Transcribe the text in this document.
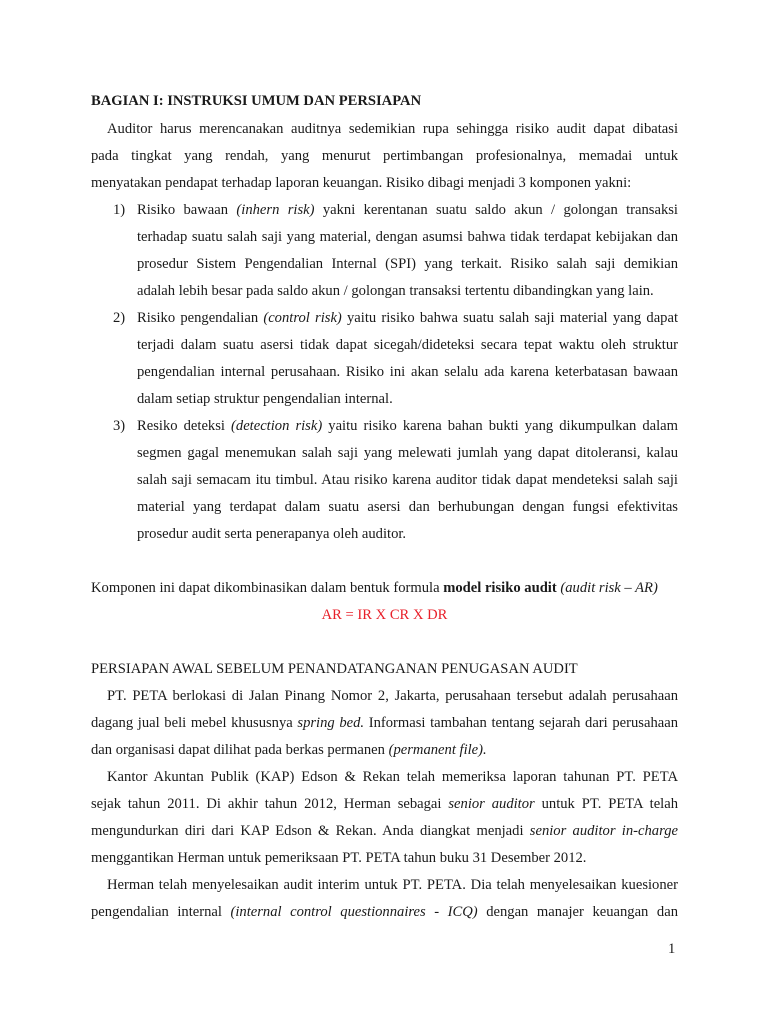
BAGIAN I: INSTRUKSI UMUM DAN PERSIAPAN
Auditor harus merencanakan auditnya sedemikian rupa sehingga risiko audit dapat dibatasi
pada tingkat yang rendah, yang menurut pertimbangan profesionalnya, memadai untuk
menyatakan pendapat terhadap laporan keuangan. Risiko dibagi menjadi 3 komponen yakni:
1) Risiko bawaan (inhern risk) yakni kerentanan suatu saldo akun / golongan transaksi
terhadap suatu salah saji yang material, dengan asumsi bahwa tidak terdapat kebijakan dan
prosedur Sistem Pengendalian Internal (SPI) yang terkait. Risiko salah saji demikian
adalah lebih besar pada saldo akun / golongan transaksi tertentu dibandingkan yang lain.
2) Risiko pengendalian (control risk) yaitu risiko bahwa suatu salah saji material yang dapat
terjadi dalam suatu asersi tidak dapat sicegah/dideteksi secara tepat waktu oleh struktur
pengendalian internal perusahaan. Risiko ini akan selalu ada karena keterbatasan bawaan
dalam setiap struktur pengendalian internal.
3) Resiko deteksi (detection risk) yaitu risiko karena bahan bukti yang dikumpulkan dalam
segmen gagal menemukan salah saji yang melewati jumlah yang dapat ditoleransi, kalau
salah saji semacam itu timbul. Atau risiko karena auditor tidak dapat mendeteksi salah saji
material yang terdapat dalam suatu asersi dan berhubungan dengan fungsi efektivitas
prosedur audit serta penerapanya oleh auditor.
Komponen ini dapat dikombinasikan dalam bentuk formula model risiko audit (audit risk – AR)
AR = IR X CR X DR
PERSIAPAN AWAL SEBELUM PENANDATANGANAN PENUGASAN AUDIT
PT. PETA berlokasi di Jalan Pinang Nomor 2, Jakarta, perusahaan tersebut adalah perusahaan
dagang jual beli mebel khususnya spring bed. Informasi tambahan tentang sejarah dari perusahaan
dan organisasi dapat dilihat pada berkas permanen (permanent file).
Kantor Akuntan Publik (KAP) Edson & Rekan telah memeriksa laporan tahunan PT. PETA
sejak tahun 2011. Di akhir tahun 2012, Herman sebagai senior auditor untuk PT. PETA telah
mengundurkan diri dari KAP Edson & Rekan. Anda diangkat menjadi senior auditor in-charge
menggantikan Herman untuk pemeriksaan PT. PETA tahun buku 31 Desember 2012.
Herman telah menyelesaikan audit interim untuk PT. PETA. Dia telah menyelesaikan kuesioner
pengendalian internal (internal control questionnaires - ICQ) dengan manajer keuangan dan
1
